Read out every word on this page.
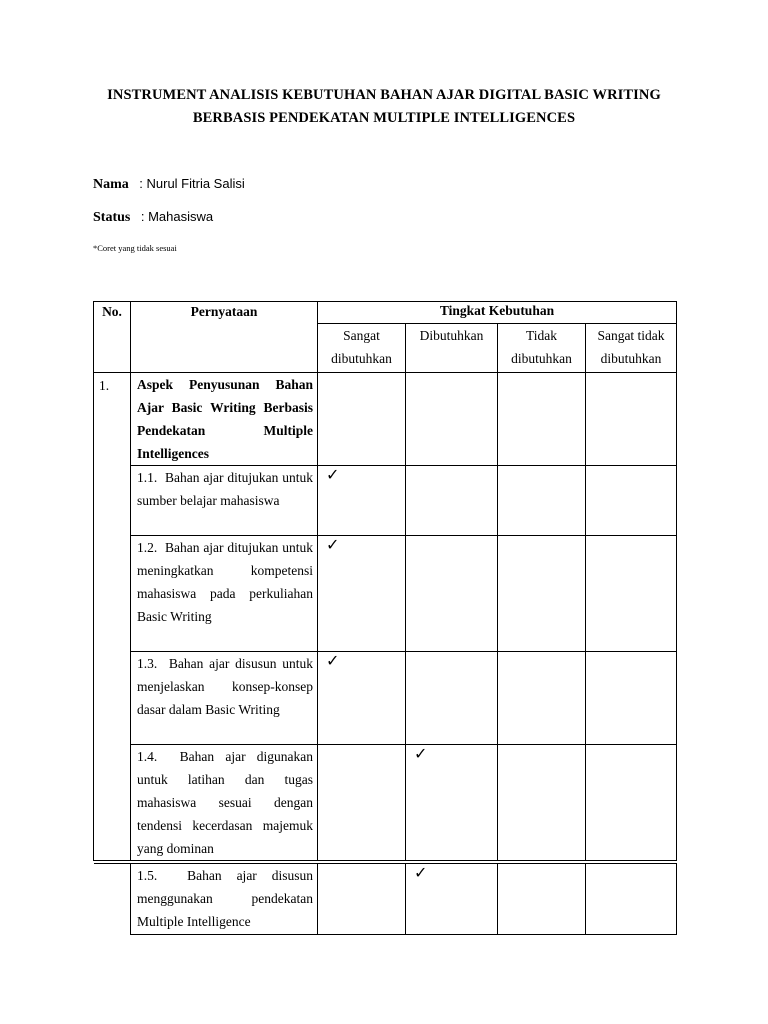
INSTRUMENT ANALISIS KEBUTUHAN BAHAN AJAR DIGITAL BASIC WRITING
BERBASIS PENDEKATAN MULTIPLE INTELLIGENCES
Nama : Nurul Fitria Salisi
Status : Mahasiswa
*Coret yang tidak sesuai
No.	Pernyataan	Tingkat Kebutuhan			
		Sangat dibutuhkan	Dibutuhkan	Tidak dibutuhkan	Sangat tidak dibutuhkan
1.	Aspek Penyusunan Bahan Ajar Basic Writing Berbasis Pendekatan Multiple Intelligences				
	1.1. Bahan ajar ditujukan untuk sumber belajar mahasiswa	✓			
	1.2. Bahan ajar ditujukan untuk meningkatkan kompetensi mahasiswa pada perkuliahan Basic Writing	✓			
	1.3. Bahan ajar disusun untuk menjelaskan konsep-konsep dasar dalam Basic Writing	✓			
	1.4. Bahan ajar digunakan untuk latihan dan tugas mahasiswa sesuai dengan tendensi kecerdasan majemuk yang dominan		✓		

	1.5. Bahan ajar disusun menggunakan pendekatan Multiple Intelligence		✓		
